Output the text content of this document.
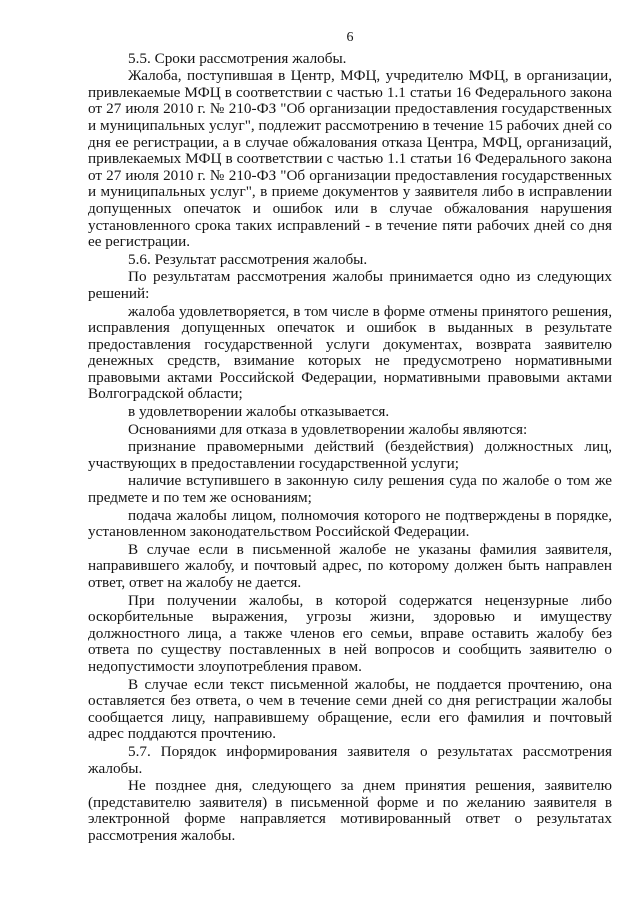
6
5.5. Сроки рассмотрения жалобы.
Жалоба, поступившая в Центр, МФЦ, учредителю МФЦ, в организации, привлекаемые МФЦ в соответствии с частью 1.1 статьи 16 Федерального закона от 27 июля 2010 г. № 210-ФЗ "Об организации предоставления государственных и муниципальных услуг", подлежит рассмотрению в течение 15 рабочих дней со дня ее регистрации, а в случае обжалования отказа Центра, МФЦ, организаций, привлекаемых МФЦ в соответствии с частью 1.1 статьи 16 Федерального закона от 27 июля 2010 г. № 210-ФЗ "Об организации предоставления государственных и муниципальных услуг", в приеме документов у заявителя либо в исправлении допущенных опечаток и ошибок или в случае обжалования нарушения установленного срока таких исправлений - в течение пяти рабочих дней со дня ее регистрации.
5.6. Результат рассмотрения жалобы.
По результатам рассмотрения жалобы принимается одно из следующих решений:
жалоба удовлетворяется, в том числе в форме отмены принятого решения, исправления допущенных опечаток и ошибок в выданных в результате предоставления государственной услуги документах, возврата заявителю денежных средств, взимание которых не предусмотрено нормативными правовыми актами Российской Федерации, нормативными правовыми актами Волгоградской области;
в удовлетворении жалобы отказывается.
Основаниями для отказа в удовлетворении жалобы являются:
признание правомерными действий (бездействия) должностных лиц, участвующих в предоставлении государственной услуги;
наличие вступившего в законную силу решения суда по жалобе о том же предмете и по тем же основаниям;
подача жалобы лицом, полномочия которого не подтверждены в порядке, установленном законодательством Российской Федерации.
В случае если в письменной жалобе не указаны фамилия заявителя, направившего жалобу, и почтовый адрес, по которому должен быть направлен ответ, ответ на жалобу не дается.
При получении жалобы, в которой содержатся нецензурные либо оскорбительные выражения, угрозы жизни, здоровью и имуществу должностного лица, а также членов его семьи, вправе оставить жалобу без ответа по существу поставленных в ней вопросов и сообщить заявителю о недопустимости злоупотребления правом.
В случае если текст письменной жалобы, не поддается прочтению, она оставляется без ответа, о чем в течение семи дней со дня регистрации жалобы сообщается лицу, направившему обращение, если его фамилия и почтовый адрес поддаются прочтению.
5.7. Порядок информирования заявителя о результатах рассмотрения жалобы.
Не позднее дня, следующего за днем принятия решения, заявителю (представителю заявителя) в письменной форме и по желанию заявителя в электронной форме направляется мотивированный ответ о результатах рассмотрения жалобы.
